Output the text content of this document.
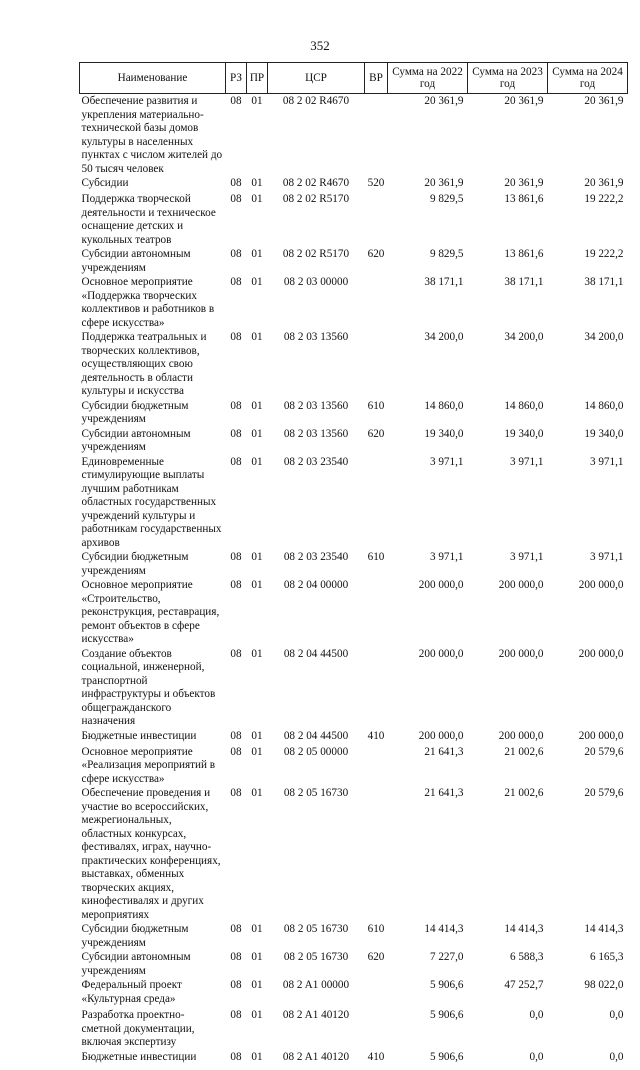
352
Наименование	РЗ	ПР	ЦСР	ВР	Сумма на 2022 год	Сумма на 2023 год	Сумма на 2024 год
Обеспечение развития и укрепления материально-технической базы домов культуры в населенных пунктах с числом жителей до 50 тысяч человек	08	01	08 2 02 R4670		20 361,9	20 361,9	20 361,9
Субсидии	08	01	08 2 02 R4670	520	20 361,9	20 361,9	20 361,9
Поддержка творческой деятельности и техническое оснащение детских и кукольных театров	08	01	08 2 02 R5170		9 829,5	13 861,6	19 222,2
Субсидии автономным учреждениям	08	01	08 2 02 R5170	620	9 829,5	13 861,6	19 222,2
Основное мероприятие «Поддержка творческих коллективов и работников в сфере искусства»	08	01	08 2 03 00000		38 171,1	38 171,1	38 171,1
Поддержка театральных и творческих коллективов, осуществляющих свою деятельность в области культуры и искусства	08	01	08 2 03 13560		34 200,0	34 200,0	34 200,0
Субсидии бюджетным учреждениям	08	01	08 2 03 13560	610	14 860,0	14 860,0	14 860,0
Субсидии автономным учреждениям	08	01	08 2 03 13560	620	19 340,0	19 340,0	19 340,0
Единовременные стимулирующие выплаты лучшим работникам областных государственных учреждений культуры и работникам государственных архивов	08	01	08 2 03 23540		3 971,1	3 971,1	3 971,1
Субсидии бюджетным учреждениям	08	01	08 2 03 23540	610	3 971,1	3 971,1	3 971,1
Основное мероприятие «Строительство, реконструкция, реставрация, ремонт объектов в сфере искусства»	08	01	08 2 04 00000		200 000,0	200 000,0	200 000,0
Создание объектов социальной, инженерной, транспортной инфраструктуры и объектов общегражданского назначения	08	01	08 2 04 44500		200 000,0	200 000,0	200 000,0
Бюджетные инвестиции	08	01	08 2 04 44500	410	200 000,0	200 000,0	200 000,0
Основное мероприятие «Реализация мероприятий в сфере искусства»	08	01	08 2 05 00000		21 641,3	21 002,6	20 579,6
Обеспечение проведения и участие во всероссийских, межрегиональных, областных конкурсах, фестивалях, играх, научно-практических конференциях, выставках, обменных творческих акциях, кинофестивалях и других мероприятиях	08	01	08 2 05 16730		21 641,3	21 002,6	20 579,6
Субсидии бюджетным учреждениям	08	01	08 2 05 16730	610	14 414,3	14 414,3	14 414,3
Субсидии автономным учреждениям	08	01	08 2 05 16730	620	7 227,0	6 588,3	6 165,3
Федеральный проект «Культурная среда»	08	01	08 2 A1 00000		5 906,6	47 252,7	98 022,0
Разработка проектно-сметной документации, включая экспертизу	08	01	08 2 A1 40120		5 906,6	0,0	0,0
Бюджетные инвестиции	08	01	08 2 A1 40120	410	5 906,6	0,0	0,0
